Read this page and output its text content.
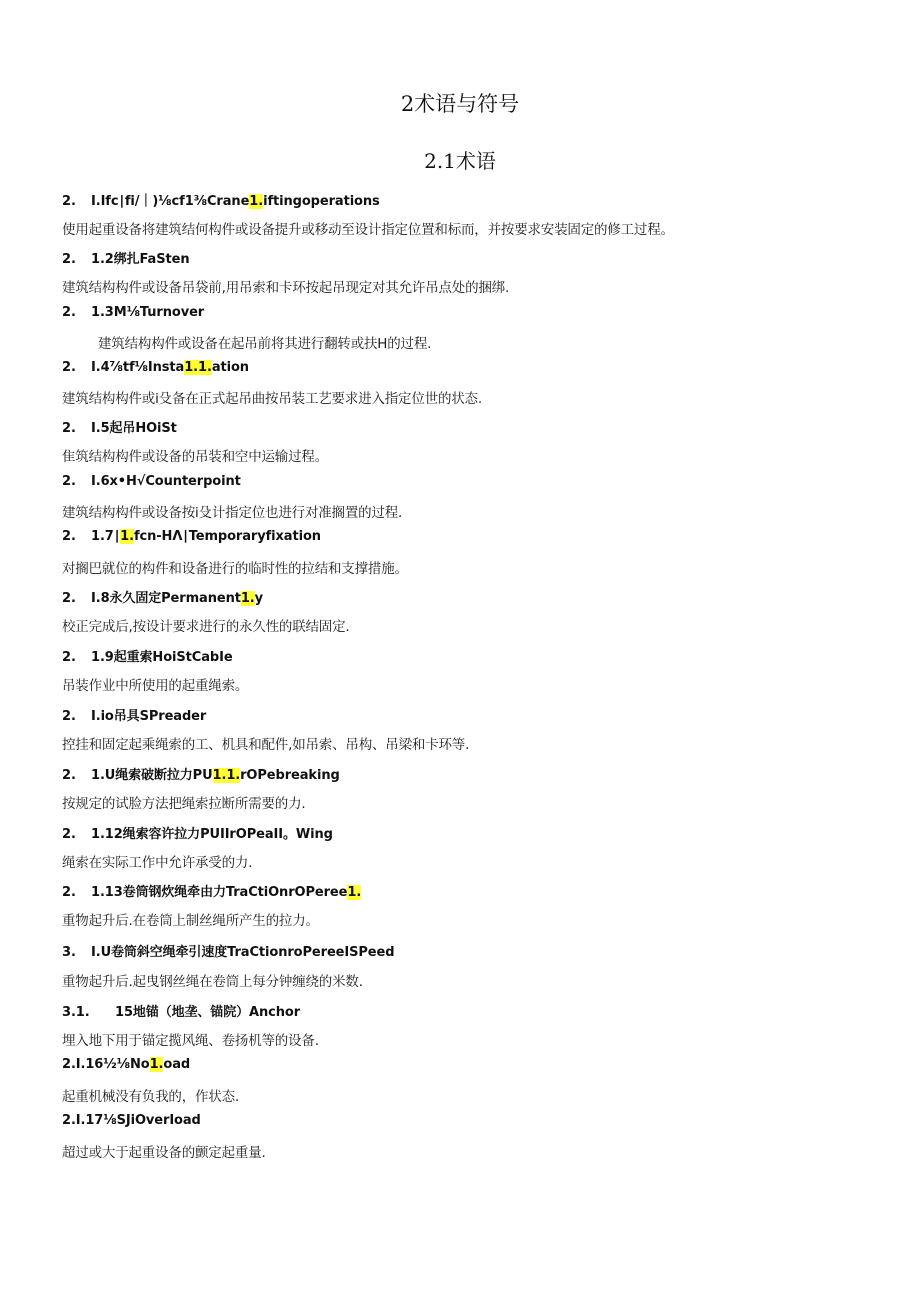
2术语与符号
2.1术语
2. I.Ifc∣fi/｜)⅛cf1⅜Crane1.iftingoperations
使用起重设备将建筑结何构件或设备提升或移动至设计指定位置和标而，并按要求安装固定的修工过程。
2. 1.2绑扎FaSten
建筑结构构件或设备吊袋前,用吊索和卡环按起吊现定对其允许吊点处的捆绑.
2. 1.3M⅛Turnover
建筑结构构件或设备在起吊前将其进行翻转或扶H的过程.
2. I.4⅞tf⅛Insta1.1.ation
建筑结构构件或i殳备在正式起吊曲按吊装工艺要求进入指定位世的状态.
2. I.5起吊HOiSt
隹筑结构构件或设备的吊装和空中运输过程。
2. I.6x•H√Counterpoint
建筑结构构件或设备按i殳计指定位也进行对准搁置的过程.
2. 1.7∣1.fcn-HΛ∣Temporaryfixation
对搁巴就位的构件和设备进行的临时性的拉结和支撑措施。
2. I.8永久固定Permanent1.y
校正完成后,按设计要求进行的永久性的联结固定.
2. 1.9起重索HoiStCabIe
吊装作业中所使用的起重绳索。
2. I.io吊具SPreader
控挂和固定起乘绳索的工、机具和配件,如吊索、吊构、吊梁和卡环等.
2. 1.U绳索破断拉力PU1.1.rOPebreaking
按规定的试脸方法把绳索拉断所需要的力.
2. 1.12绳索容许拉力PUIIrOPeaII。Wing
绳索在实际工作中允许承受的力.
2. 1.13卷筒钢炊绳牵由力TraCtiOnrOPeree1.
重物起升后.在卷筒上制丝绳所产生的拉力。
3. I.U卷筒斜空绳牵引速度TraCtionroPereeISPeed
重物起升后.起曳钢丝绳在卷筒上每分钟缠绕的米数.
3.1. 15地锚（地垄、锚院）Anchor
埋入地下用于锚定揽风绳、卷扬机等的设备.
2.I.16½⅛No1.oad
起重机械没有负我的，作状态.
2.I.17⅛SJiOverIoad
超过或大于起重设备的颤定起重量.
